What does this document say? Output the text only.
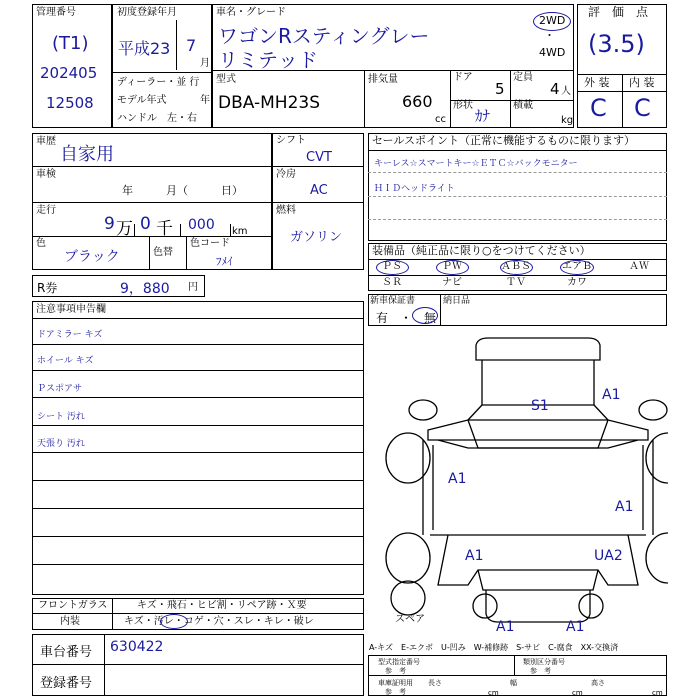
管理番号
(T1)
202405
12508
初度登録年月
平成23 7
月
ディーラー・並 行
モデル年式	年
ハンドル　左・右
車名・グレード
ワゴンRスティングレー
リミテッド
2WD
・
4WD
型式
DBA-MH23S
排気量
660
cc
ドア
5
形状
ｶﾅ
定員
4 人
積載
kg
評　価　点
(3.5)
外 装 内 装
C C
車歴
自家用
車検
年　　　月（　　　日）
走行
9 万 0 千 000 km
色
ブラック	色替
色コード
ﾌﾒｲ
シフト
CVT
冷房
AC
燃料
ガソリン
セールスポイント（正常に機能するものに限ります）
キーレス☆スマートキー☆ＥＴＣ☆バックモニター
ＨＩＤヘッドライト
装備品（純正品に限り○をつけてください）
ＰＳ	ＰＷ	ＡＢＳ	エアＢ	ＡＷ
ＳＲ	ナビ	ＴＶ	カワ
新車保証書
有　・　無
納日品
R券	9，880 円
注意事項申告欄
ドアミラー キズ
ホイール キズ
Ｐスポアサ
シート 汚れ
天張り 汚れ
フロントガラス	キズ・飛石・ヒビ割・リペア跡・Ｘ要
内装	キズ・汚レ・コゲ・穴・スレ・キレ・破レ
車台番号 630422
登録番号
S1
A1
A1
A1
A1	UA2
A1	A1
スペア
A-キズ　E-エクボ　U-凹み　W-補修跡　S-サビ　C-腐食　XX-交換済
型式指定番号
参　考
類別区分番号
参　考
車庫証明用
参　考
長さ
cm
幅
cm
高さ
cm
